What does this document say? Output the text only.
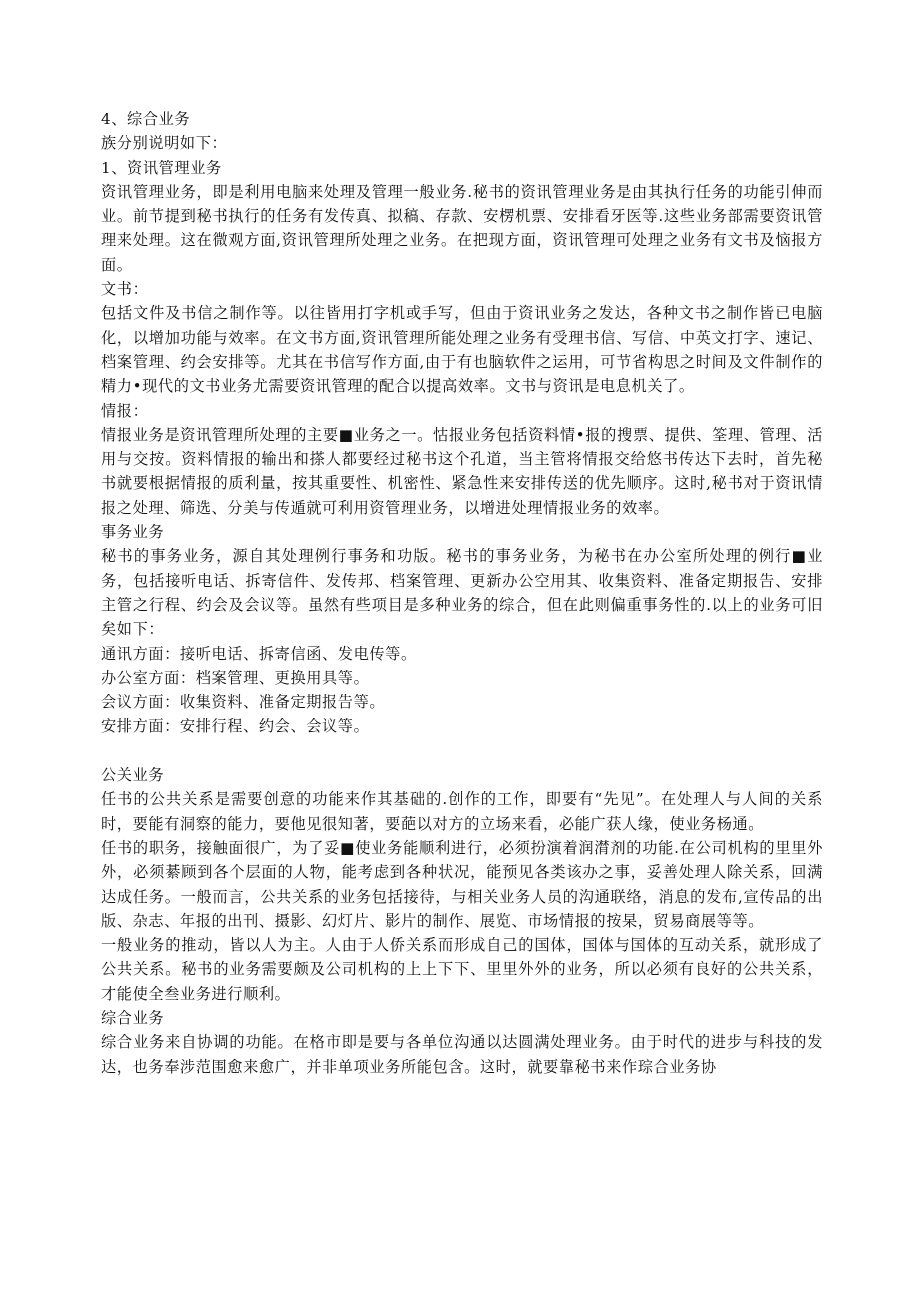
4、综合业务
族分别说明如下：
1、资讯管理业务
资讯管理业务，即是利用电脑来处理及管理一般业务.秘书的资讯管理业务是由其执行任务的功能引伸而业。前节提到秘书执行的任务有发传真、拟稿、存款、安楞机票、安排看牙医等.这些业务部需要资讯管理来处理。这在微观方面,资讯管理所处理之业务。在把现方面，资讯管理可处理之业务有文书及恼报方面。
文书：
包括文件及书信之制作等。以往皆用打字机或手写，但由于资讯业务之发达，各种文书之制作皆已电脑化，以增加功能与效率。在文书方面,资讯管理所能处理之业务有受理书信、写信、中英文打字、速记、档案管理、约会安排等。尤其在书信写作方面,由于有也脑软件之运用，可节省构思之时间及文件制作的精力•现代的文书业务尤需要资讯管理的配合以提高效率。文书与资讯是电息机关了。
情报：
情报业务是资讯管理所处理的主要■业务之一。怙报业务包括资料情•报的搜票、提供、筌理、管理、活用与交按。资料情报的输出和搽人都要经过秘书这个孔道，当主管将情报交给悠书传达下去时，首先秘书就要根据情报的质利量，按其重要性、机密性、紧急性来安排传送的优先顺序。这时,秘书对于资讯情报之处理、筛选、分美与传遁就可利用资管理业务，以增进处理情报业务的效率。
事务业务
秘书的事务业务，源自其处理例行事务和功版。秘书的事务业务，为秘书在办公室所处理的例行■业务，包括接听电话、拆寄信件、发传邦、档案管理、更新办公空用其、收集资料、准备定期报告、安排主管之行程、约会及会议等。虽然有些项目是多种业务的综合，但在此则偏重事务性的.以上的业务可旧矣如下：
通讯方面：接听电话、拆寄信函、发电传等。
办公室方面：档案管理、更换用具等。
会议方面：收集资料、准备定期报告等。
安排方面：安排行程、约会、会议等。
公关业务
任书的公共关系是需要创意的功能来作其基础的.创作的工作，即要有“先见”。在处理人与人间的关系时，要能有洞察的能力，要他见很知著，要葩以对方的立场来看，必能广获人缘，使业务杨通。
任书的职务，接触面很广，为了妥■使业务能顺利进行，必须扮演着润潸剂的功能.在公司机构的里里外外，必须綦顾到各个层面的人物，能考虑到各种状况，能预见各类该办之事，妥善处理人除关系，回满达成任务。一般而言，公共关系的业务包括接待，与相关业务人员的沟通联络，消息的发布,宣传品的出版、杂志、年报的出刊、摄影、幻灯片、影片的制作、展览、市场情报的按杲，贸易商展等等。
一般业务的推动，皆以人为主。人由于人侨关系而形成自己的国体，国体与国体的互动关系，就形成了公共关系。秘书的业务需要颇及公司机构的上上下下、里里外外的业务，所以必须有良好的公共关系，才能使全叁业务进行顺利。
综合业务
综合业务来自协调的功能。在格市即是要与各单位沟通以达圆满处理业务。由于时代的进步与科技的发达，也务奉涉范围愈来愈广，并非单项业务所能包含。这时，就要靠秘书来作琮合业务协
